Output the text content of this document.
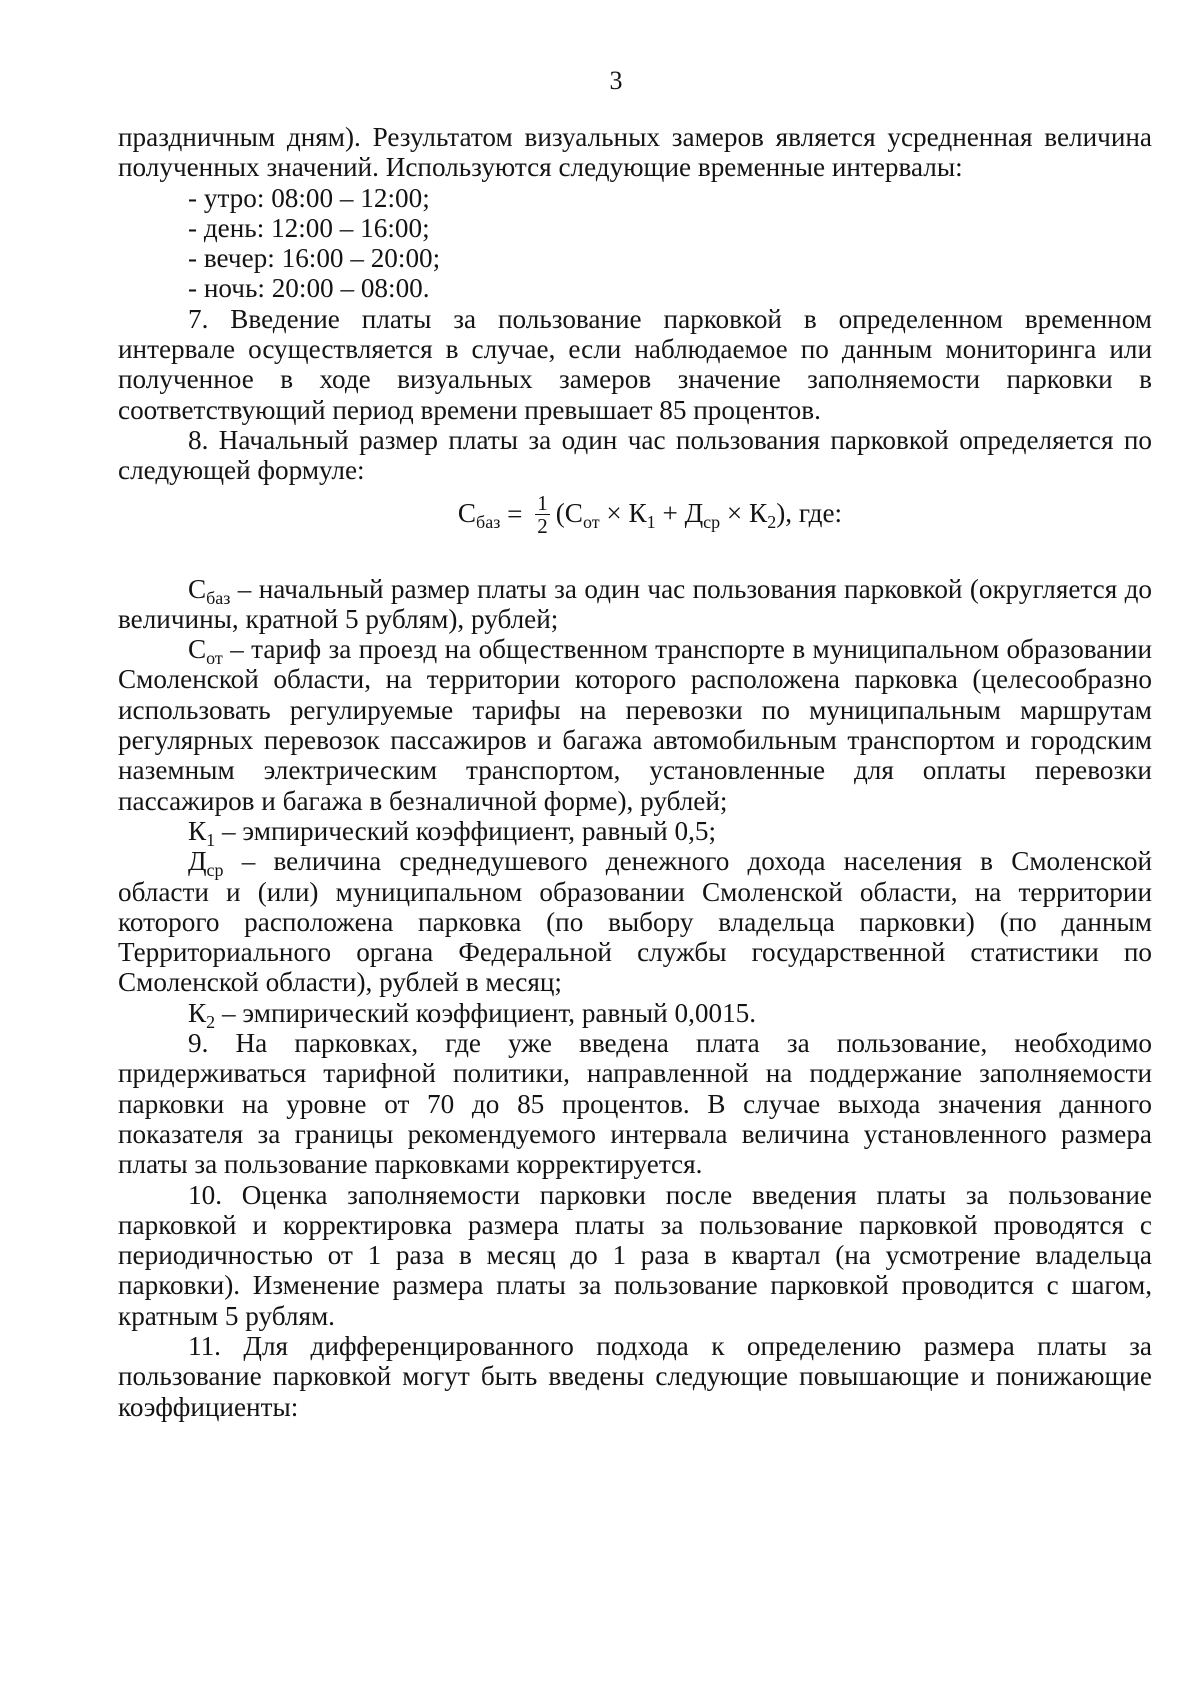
3

праздничным дням). Результатом визуальных замеров является усредненная величина полученных значений. Используются следующие временные интервалы:

- утро: 08:00 – 12:00;

- день: 12:00 – 16:00;

- вечер: 16:00 – 20:00;

- ночь: 20:00 – 08:00.

7. Введение платы за пользование парковкой в определенном временном интервале осуществляется в случае, если наблюдаемое по данным мониторинга или полученное в ходе визуальных замеров значение заполняемости парковки в соответствующий период времени превышает 85 процентов.

8. Начальный размер платы за один час пользования парковкой определяется по следующей формуле:

$С_{баз} = \frac{1}{2} (С_{от} \times К_1 + Д_{ср} \times К_2)$, где:

$С_{баз}$ – начальный размер платы за один час пользования парковкой (округляется до величины, кратной 5 рублям), рублей;

$С_{от}$ – тариф за проезд на общественном транспорте в муниципальном образовании Смоленской области, на территории которого расположена парковка (целесообразно использовать регулируемые тарифы на перевозки по муниципальным маршрутам регулярных перевозок пассажиров и багажа автомобильным транспортом и городским наземным электрическим транспортом, установленные для оплаты перевозки пассажиров и багажа в безналичной форме), рублей;

$К_1$ – эмпирический коэффициент, равный 0,5;

$Д_{ср}$ – величина среднедушевого денежного дохода населения в Смоленской области и (или) муниципальном образовании Смоленской области, на территории которого расположена парковка (по выбору владельца парковки) (по данным Территориального органа Федеральной службы государственной статистики по Смоленской области), рублей в месяц;

$К_2$ – эмпирический коэффициент, равный 0,0015.

9. На парковках, где уже введена плата за пользование, необходимо придерживаться тарифной политики, направленной на поддержание заполняемости парковки на уровне от 70 до 85 процентов. В случае выхода значения данного показателя за границы рекомендуемого интервала величина установленного размера платы за пользование парковками корректируется.

10. Оценка заполняемости парковки после введения платы за пользование парковкой и корректировка размера платы за пользование парковкой проводятся с периодичностью от 1 раза в месяц до 1 раза в квартал (на усмотрение владельца парковки). Изменение размера платы за пользование парковкой проводится с шагом, кратным 5 рублям.

11. Для дифференцированного подхода к определению размера платы за пользование парковкой могут быть введены следующие повышающие и понижающие коэффициенты:
